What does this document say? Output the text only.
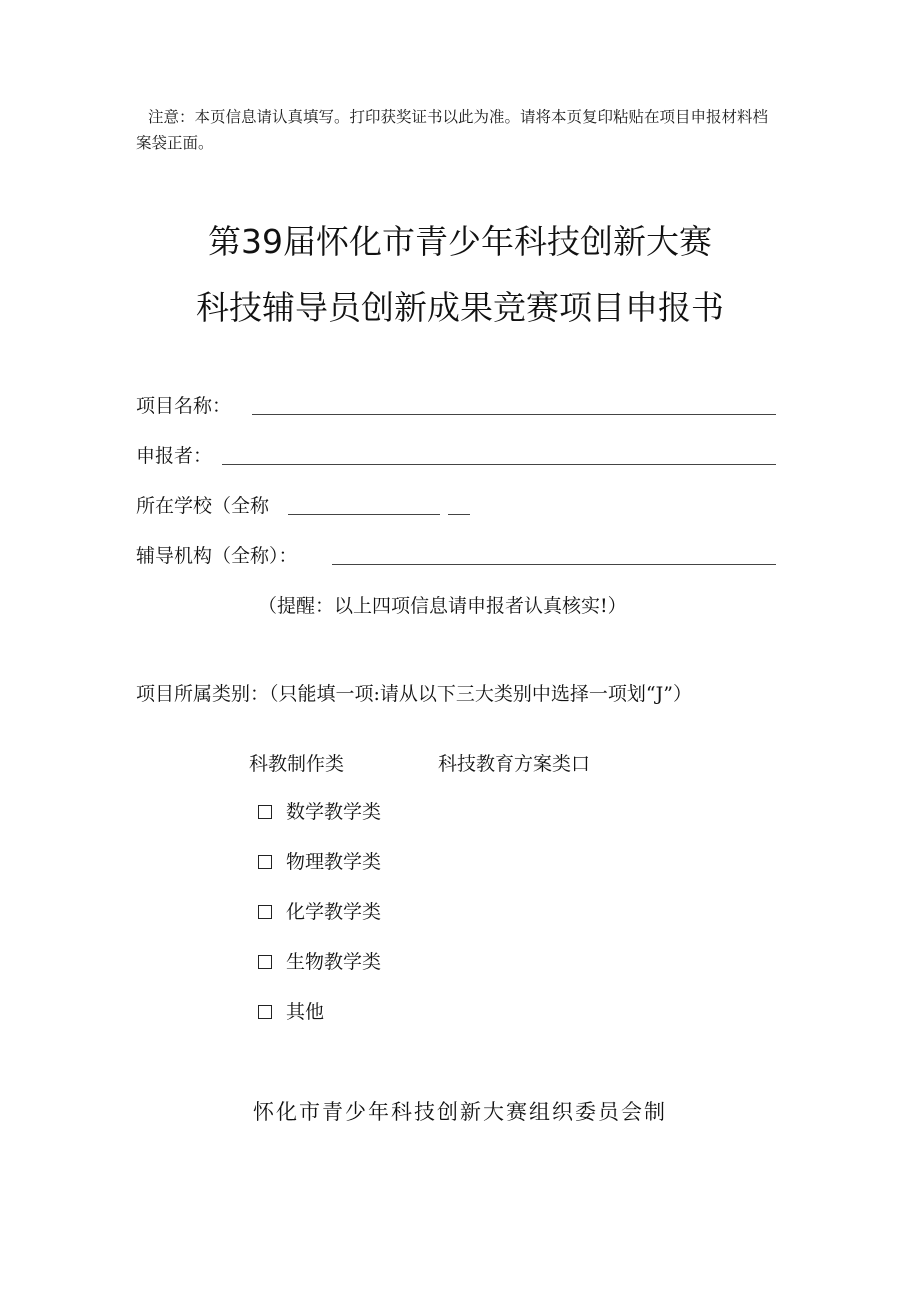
注意：本页信息请认真填写。打印获奖证书以此为准。请将本页复印粘贴在项目申报材料档
案袋正面。
第39届怀化市青少年科技创新大赛
科技辅导员创新成果竞赛项目申报书
项目名称：
申报者：
所在学校（全称
辅导机构（全称）：
（提醒：以上四项信息请申报者认真核实!）
项目所属类别：（只能填一项:请从以下三大类别中选择一项划“J”）
科教制作类	科技教育方案类口
数学教学类
物理教学类
化学教学类
生物教学类
其他
怀化市青少年科技创新大赛组织委员会制
